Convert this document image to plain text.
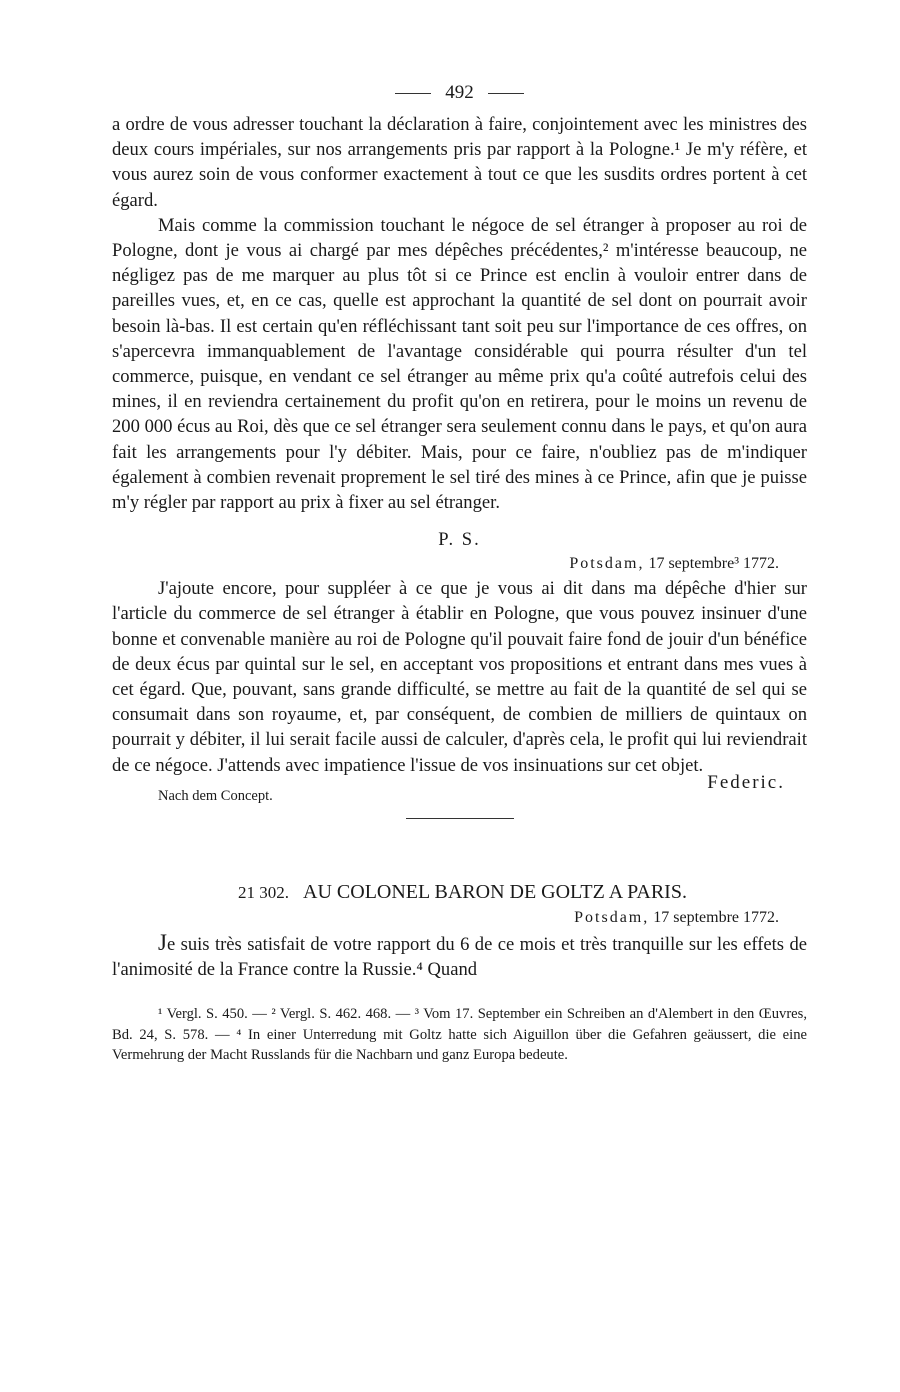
492

a ordre de vous adresser touchant la déclaration à faire, conjointement avec les ministres des deux cours impériales, sur nos arrangements pris par rapport à la Pologne.¹ Je m'y réfère, et vous aurez soin de vous conformer exactement à tout ce que les susdits ordres portent à cet égard.

Mais comme la commission touchant le négoce de sel étranger à proposer au roi de Pologne, dont je vous ai chargé par mes dépêches précédentes,² m'intéresse beaucoup, ne négligez pas de me marquer au plus tôt si ce Prince est enclin à vouloir entrer dans de pareilles vues, et, en ce cas, quelle est approchant la quantité de sel dont on pourrait avoir besoin là-bas. Il est certain qu'en réfléchissant tant soit peu sur l'importance de ces offres, on s'apercevra immanquablement de l'avantage considérable qui pourra résulter d'un tel commerce, puisque, en vendant ce sel étranger au même prix qu'a coûté autrefois celui des mines, il en reviendra certainement du profit qu'on en retirera, pour le moins un revenu de 200 000 écus au Roi, dès que ce sel étranger sera seulement connu dans le pays, et qu'on aura fait les arrangements pour l'y débiter. Mais, pour ce faire, n'oubliez pas de m'indiquer également à combien revenait proprement le sel tiré des mines à ce Prince, afin que je puisse m'y régler par rapport au prix à fixer au sel étranger.

P. S.
Potsdam, 17 septembre³ 1772.

J'ajoute encore, pour suppléer à ce que je vous ai dit dans ma dépêche d'hier sur l'article du commerce de sel étranger à établir en Pologne, que vous pouvez insinuer d'une bonne et convenable manière au roi de Pologne qu'il pouvait faire fond de jouir d'un bénéfice de deux écus par quintal sur le sel, en acceptant vos propositions et entrant dans mes vues à cet égard. Que, pouvant, sans grande difficulté, se mettre au fait de la quantité de sel qui se consumait dans son royaume, et, par conséquent, de combien de milliers de quintaux on pourrait y débiter, il lui serait facile aussi de calculer, d'après cela, le profit qui lui reviendrait de ce négoce. J'attends avec impatience l'issue de vos insinuations sur cet objet.

Nach dem Concept.
Federic.
21 302. AU COLONEL BARON DE GOLTZ A PARIS.
Potsdam, 17 septembre 1772.

Je suis très satisfait de votre rapport du 6 de ce mois et très tranquille sur les effets de l'animosité de la France contre la Russie.⁴ Quand

¹ Vergl. S. 450. — ² Vergl. S. 462. 468. — ³ Vom 17. September ein Schreiben an d'Alembert in den Œuvres, Bd. 24, S. 578. — ⁴ In einer Unterredung mit Goltz hatte sich Aiguillon über die Gefahren geäussert, die eine Vermehrung der Macht Russlands für die Nachbarn und ganz Europa bedeute.
